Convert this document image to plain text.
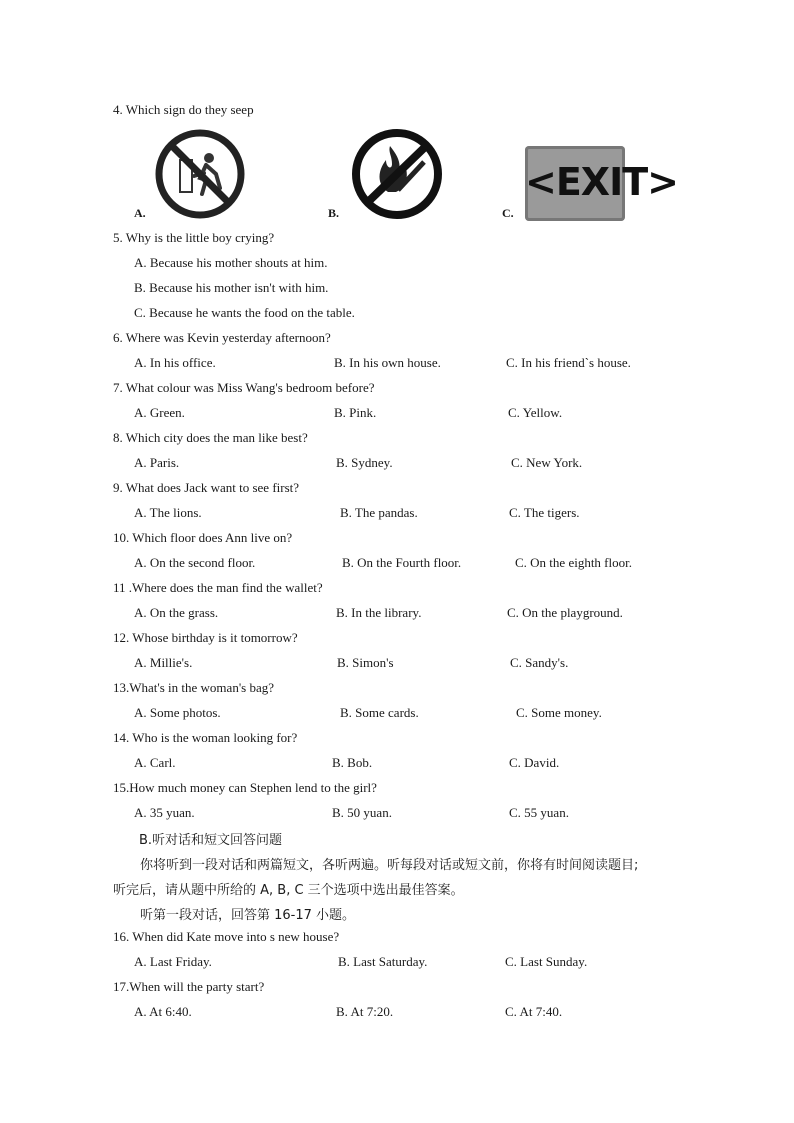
4. Which sign do they seep
A.	B.
<EXIT>
C.
5. Why is the little boy crying?
A. Because his mother shouts at him.
B. Because his mother isn't with him.
C. Because he wants the food on the table.
6. Where was Kevin yesterday afternoon?
A. In his office.	B. In his own house.	C. In his friend`s house.
7. What colour was Miss Wang's bedroom before?
A. Green.	B. Pink.	C. Yellow.
8. Which city does the man like best?
A. Paris.	B. Sydney.	C. New York.
9. What does Jack want to see first?
A. The lions.	B. The pandas.	C. The tigers.
10. Which floor does Ann live on?
A. On the second floor.	B. On the Fourth floor.	C. On the eighth floor.
11 .Where does the man find the wallet?
A. On the grass.	B. In the library.	C. On the playground.
12. Whose birthday is it tomorrow?
A. Millie's.	B. Simon's	C. Sandy's.
13.What's in the woman's bag?
A. Some photos.	B. Some cards.	C. Some money.
14. Who is the woman looking for?
A. Carl.	B. Bob.	C. David.
15.How much money can Stephen lend to the girl?
A. 35 yuan.	B. 50 yuan.	C. 55 yuan.
B.听对话和短文回答问题
你将听到一段对话和两篇短文，各听两遍。听每段对话或短文前，你将有时间阅读题目;
听完后，请从题中所给的 A, B, C 三个选项中选出最佳答案。
听第一段对话，回答第 16-17 小题。
16. When did Kate move into s new house?
A. Last Friday.	B. Last Saturday.	C. Last Sunday.
17.When will the party start?
A. At 6:40.	B. At 7:20.	C. At 7:40.
